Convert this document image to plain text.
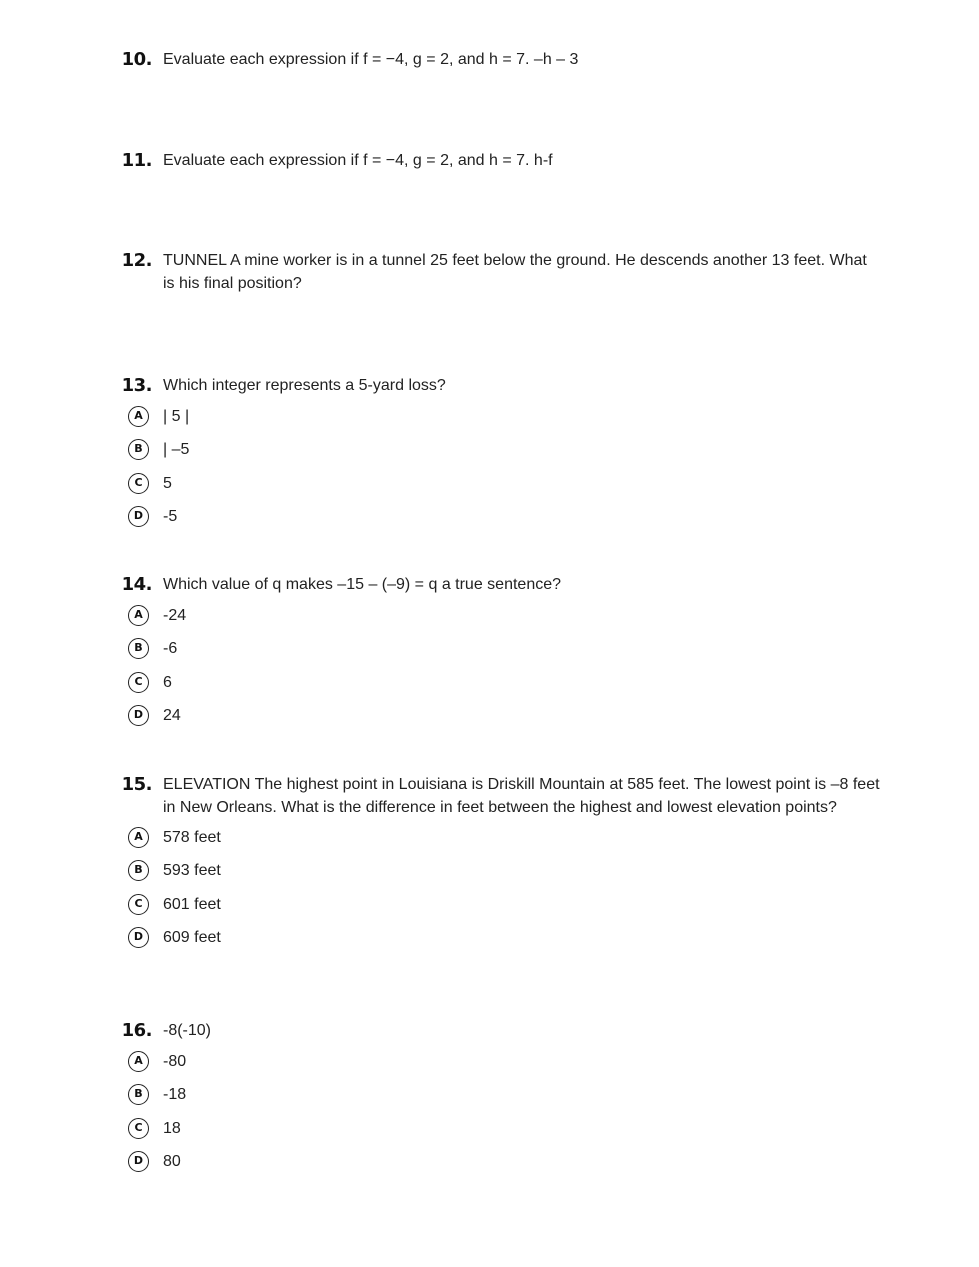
10. Evaluate each expression if f = −4, g = 2, and h = 7. –h – 3
11. Evaluate each expression if f = −4, g = 2, and h = 7. h-f
12. TUNNEL A mine worker is in a tunnel 25 feet below the ground. He descends another 13 feet. What is his final position?
13. Which integer represents a 5-yard loss?
A	| 5 |
B	| –5
C	5
D	-5
14. Which value of q makes –15 – (–9) = q a true sentence?
A	-24
B	-6
C	6
D	24
15. ELEVATION The highest point in Louisiana is Driskill Mountain at 585 feet. The lowest point is –8 feet in New Orleans. What is the difference in feet between the highest and lowest elevation points?
A	578 feet
B	593 feet
C	601 feet
D	609 feet
16. -8(-10)
A	-80
B	-18
C	18
D	80
